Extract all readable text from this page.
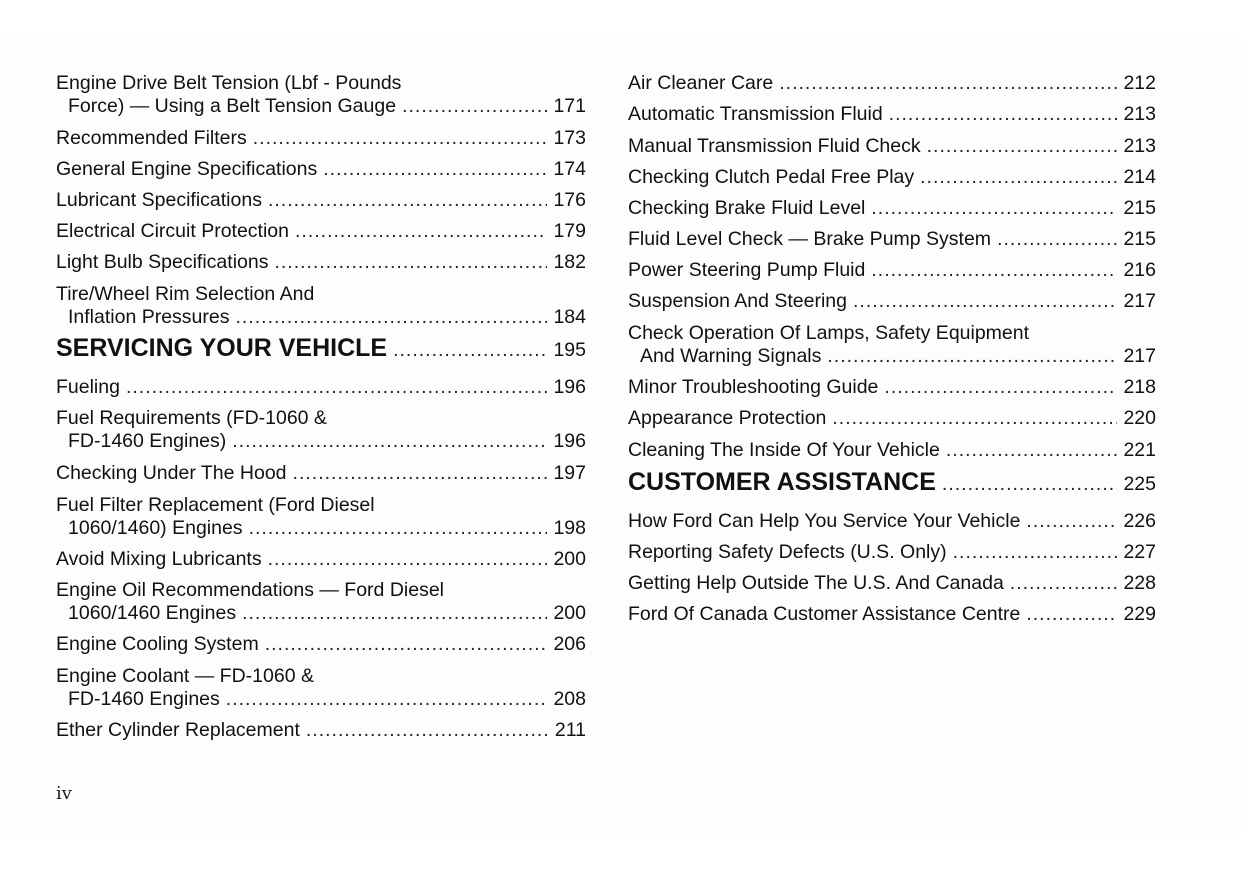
Engine Drive Belt Tension (Lbf - Pounds
Force) — Using a Belt Tension Gauge .....	171
Recommended Filters .....	173
General Engine Specifications .....	174
Lubricant Specifications .....	176
Electrical Circuit Protection .....	179
Light Bulb Specifications .....	182
Tire/Wheel Rim Selection And
Inflation Pressures .....	184
SERVICING YOUR VEHICLE .....	195
Fueling .....	196
Fuel Requirements (FD-1060 &
FD-1460 Engines) .....	196
Checking Under The Hood .....	197
Fuel Filter Replacement (Ford Diesel
1060/1460) Engines .....	198
Avoid Mixing Lubricants .....	200
Engine Oil Recommendations — Ford Diesel
1060/1460 Engines .....	200
Engine Cooling System .....	206
Engine Coolant — FD-1060 &
FD-1460 Engines .....	208
Ether Cylinder Replacement .....	211
Air Cleaner Care .....	212
Automatic Transmission Fluid .....	213
Manual Transmission Fluid Check .....	213
Checking Clutch Pedal Free Play .....	214
Checking Brake Fluid Level .....	215
Fluid Level Check — Brake Pump System .....	215
Power Steering Pump Fluid .....	216
Suspension And Steering .....	217
Check Operation Of Lamps, Safety Equipment
And Warning Signals .....	217
Minor Troubleshooting Guide .....	218
Appearance Protection .....	220
Cleaning The Inside Of Your Vehicle .....	221
CUSTOMER ASSISTANCE .....	225
How Ford Can Help You Service Your Vehicle .....	226
Reporting Safety Defects (U.S. Only) .....	227
Getting Help Outside The U.S. And Canada .....	228
Ford Of Canada Customer Assistance Centre .....	229
iv
